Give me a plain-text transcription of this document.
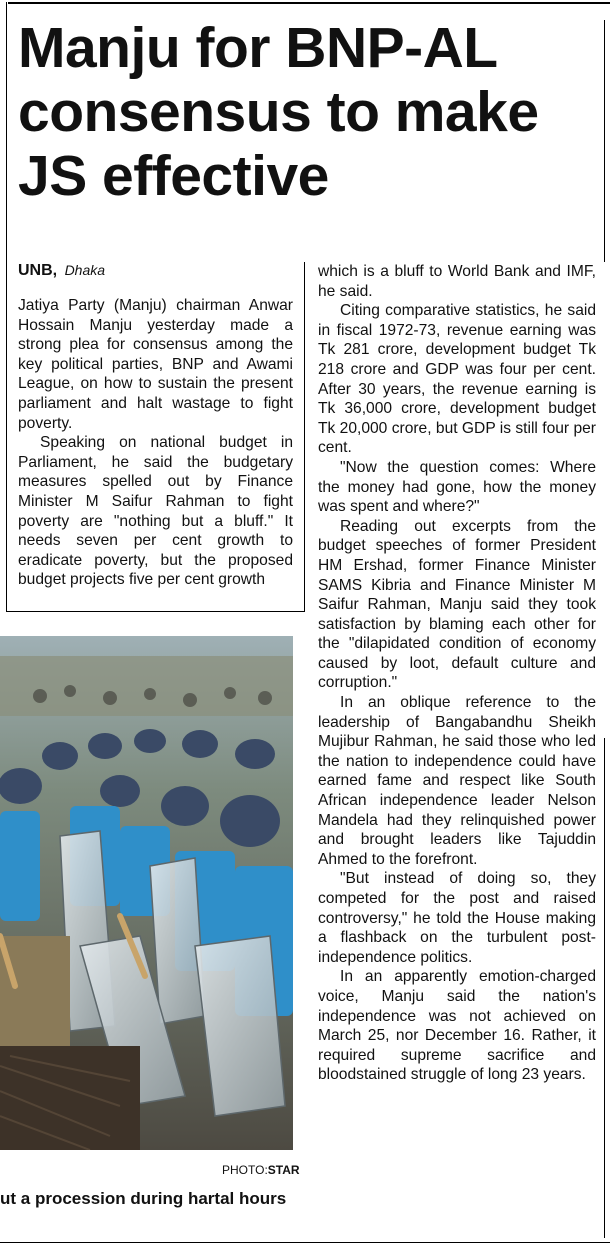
Manju for BNP-AL
consensus to make
JS effective
UNB, Dhaka

Jatiya Party (Manju) chairman Anwar Hossain Manju yesterday made a strong plea for consensus among the key political parties, BNP and Awami League, on how to sustain the present parliament and halt wastage to fight poverty.

Speaking on national budget in Parliament, he said the budgetary measures spelled out by Finance Minister M Saifur Rahman to fight poverty are "nothing but a bluff." It needs seven per cent growth to eradicate poverty, but the proposed budget projects five per cent growth

which is a bluff to World Bank and IMF, he said.

Citing comparative statistics, he said in fiscal 1972-73, revenue earning was Tk 281 crore, development budget Tk 218 crore and GDP was four per cent. After 30 years, the revenue earning is Tk 36,000 crore, development budget Tk 20,000 crore, but GDP is still four per cent.

"Now the question comes: Where the money had gone, how the money was spent and where?"

Reading out excerpts from the budget speeches of former President HM Ershad, former Finance Minister SAMS Kibria and Finance Minister M Saifur Rahman, Manju said they took satisfaction by blaming each other for the "dilapidated condition of economy caused by loot, default culture and corruption."

In an oblique reference to the leadership of Bangabandhu Sheikh Mujibur Rahman, he said those who led the nation to independence could have earned fame and respect like South African independence leader Nelson Mandela had they relinquished power and brought leaders like Tajuddin Ahmed to the forefront.

"But instead of doing so, they competed for the post and raised controversy," he told the House making a flashback on the turbulent post-independence politics.

In an apparently emotion-charged voice, Manju said the nation's independence was not achieved on March 25, nor December 16. Rather, it required supreme sacrifice and bloodstained struggle of long 23 years.

PHOTO:STAR
ut a procession during hartal hours
